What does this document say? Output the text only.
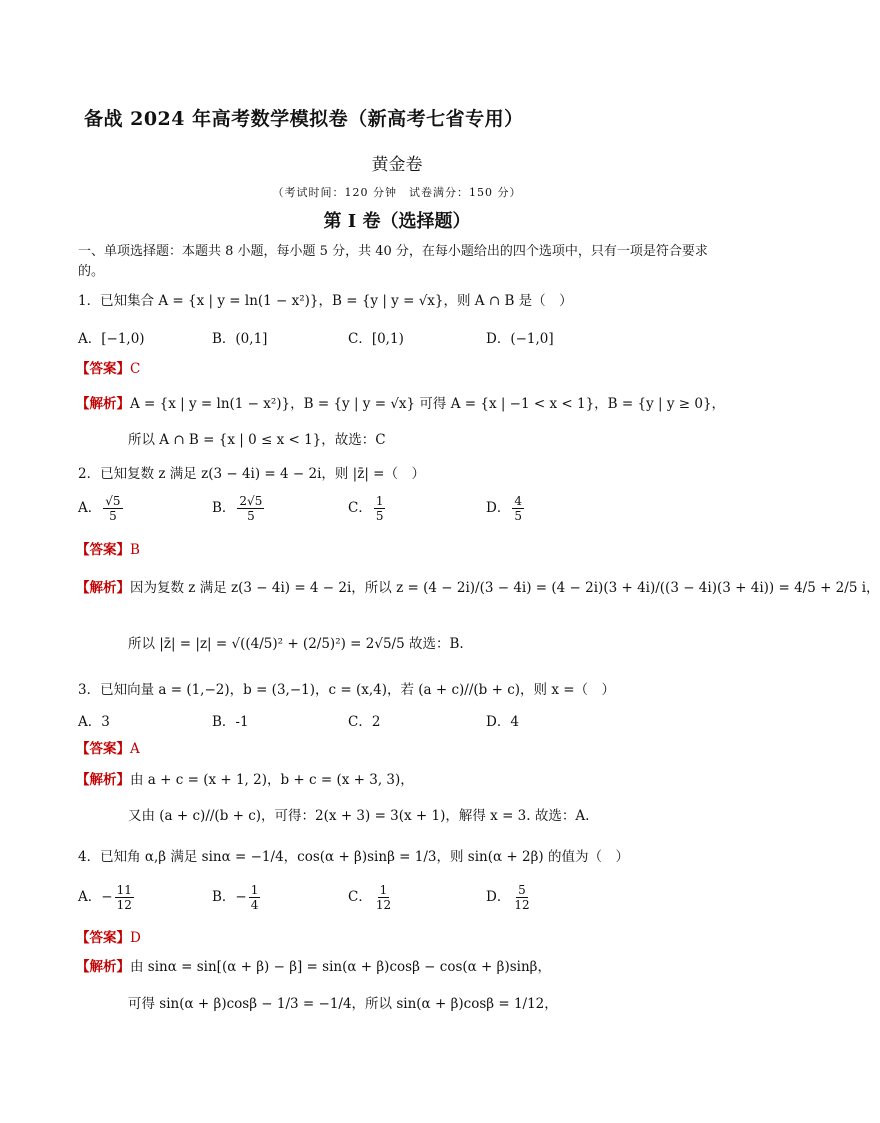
备战 2024 年高考数学模拟卷（新高考七省专用）
黄金卷
（考试时间：120 分钟　试卷满分：150 分）
第 I 卷（选择题）
一、单项选择题：本题共 8 小题，每小题 5 分，共 40 分，在每小题给出的四个选项中，只有一项是符合要求的。
1．已知集合 A = {x | y = ln(1 − x²)}，B = {y | y = √x}，则 A ∩ B 是（　）
A．[−1,0)	B．(0,1]	C．[0,1)	D．(−1,0]
【答案】C
【解析】A = {x | y = ln(1 − x²)}，B = {y | y = √x} 可得 A = {x | −1 < x < 1}，B = {y | y ≥ 0}，
所以 A ∩ B = {x | 0 ≤ x < 1}，故选：C
2．已知复数 z 满足 z(3 − 4i) = 4 − 2i，则 |z̄| =（　）
A． $\frac{√5}{5}$	B． $\frac{2√5}{5}$	C． $\frac{1}{5}$	D． $\frac{4}{5}$
【答案】B
【解析】因为复数 z 满足 z(3 − 4i) = 4 − 2i，所以 z = (4 − 2i)/(3 − 4i) = (4 − 2i)(3 + 4i)/((3 − 4i)(3 + 4i)) = 4/5 + 2/5 i，
所以 |z̄| = |z| = √((4/5)² + (2/5)²) = 2√5/5 故选：B.
3．已知向量 a = (1,−2)，b = (3,−1)，c = (x,4)，若 (a + c)//(b + c)，则 x =（　）
A．3	B．-1	C．2	D．4
【答案】A
【解析】由 a + c = (x + 1, 2)，b + c = (x + 3, 3)，
又由 (a + c)//(b + c)，可得：2(x + 3) = 3(x + 1)，解得 x = 3. 故选：A.
4．已知角 α,β 满足 sinα = −1/4，cos(α + β)sinβ = 1/3，则 sin(α + 2β) 的值为（　）
A．− $\frac{11}{12}$	B．− $\frac{1}{4}$	C． $\frac{1}{12}$	D． $\frac{5}{12}$
【答案】D
【解析】由 sinα = sin[(α + β) − β] = sin(α + β)cosβ − cos(α + β)sinβ，
可得 sin(α + β)cosβ − 1/3 = −1/4，所以 sin(α + β)cosβ = 1/12，
